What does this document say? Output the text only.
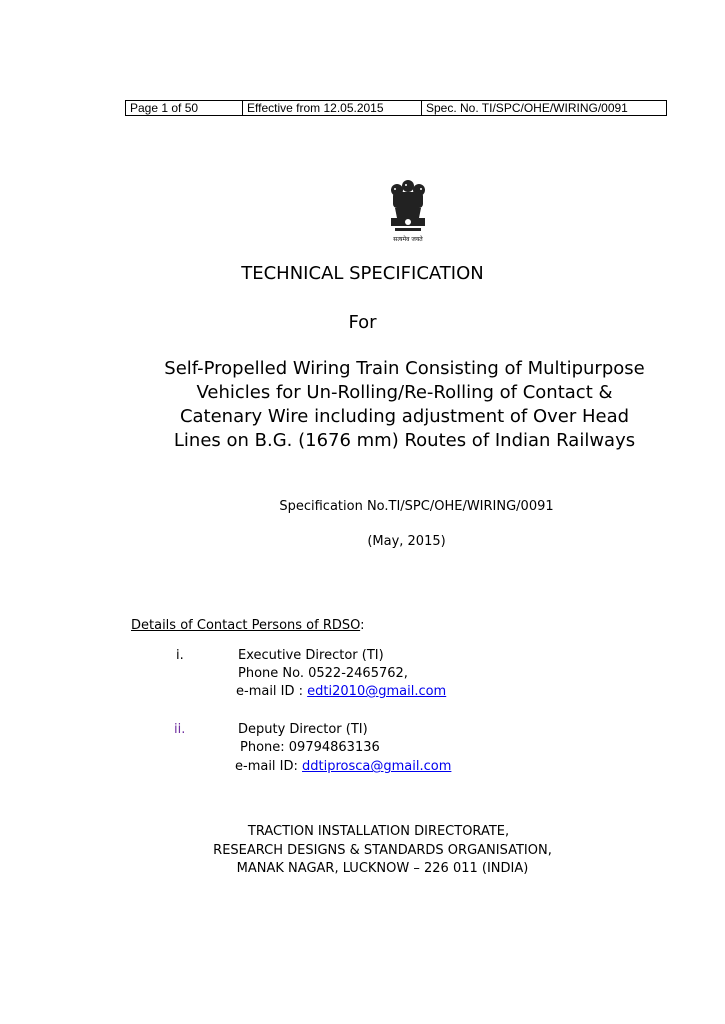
Page 1 of 50	Effective from 12.05.2015	Spec. No. TI/SPC/OHE/WIRING/0091
सत्यमेव जयते
TECHNICAL SPECIFICATION
For
Self-Propelled Wiring Train Consisting of Multipurpose
Vehicles for Un-Rolling/Re-Rolling of Contact &
Catenary Wire including adjustment of Over Head
Lines on B.G. (1676 mm) Routes of Indian Railways
Specification No.TI/SPC/OHE/WIRING/0091
(May, 2015)
Details of Contact Persons of RDSO:
i.	Executive Director (TI)
Phone No. 0522-2465762,
e-mail ID : edti2010@gmail.com
ii.	Deputy Director (TI)
Phone: 09794863136
e-mail ID: ddtiprosca@gmail.com
TRACTION INSTALLATION DIRECTORATE,
RESEARCH DESIGNS & STANDARDS ORGANISATION,
MANAK NAGAR, LUCKNOW – 226 011 (INDIA)
